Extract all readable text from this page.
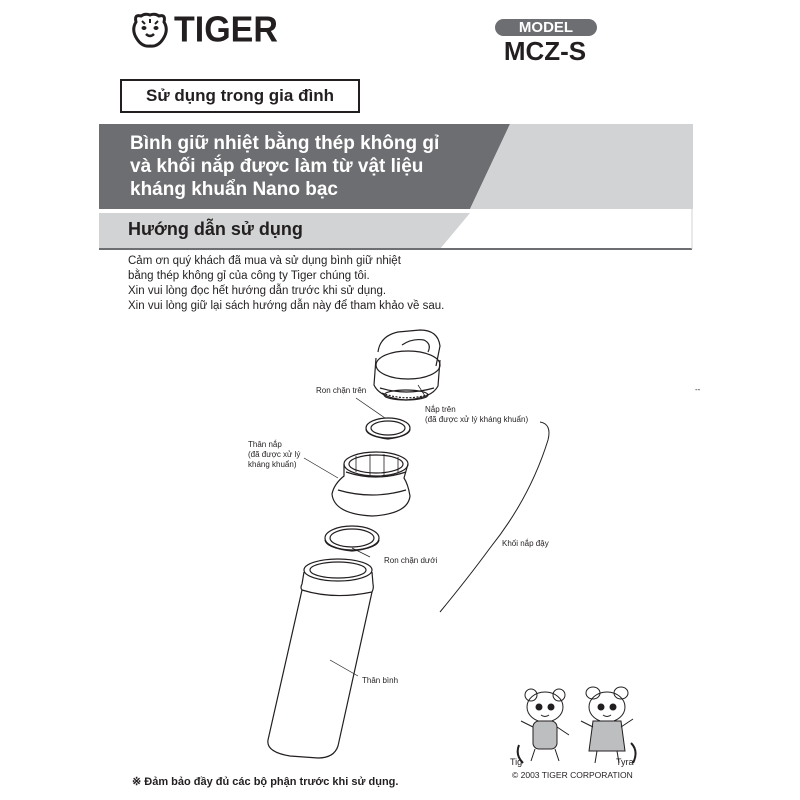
TIGER	MODEL
MCZ-S
Sử dụng trong gia đình
Bình giữ nhiệt bằng thép không gỉ
và khối nắp được làm từ vật liệu
kháng khuẩn Nano bạc
Hướng dẫn sử dụng
Cảm ơn quý khách đã mua và sử dụng bình giữ nhiệt
bằng thép không gỉ của công ty Tiger chúng tôi.
Xin vui lòng đọc hết hướng dẫn trước khi sử dụng.
Xin vui lòng giữ lại sách hướng dẫn này để tham khảo về sau.
--
Ron chặn trên
Nắp trên
(đã được xử lý kháng khuẩn)
Thân nắp
(đã được xử lý
kháng khuẩn)
Khối nắp đậy
Ron chặn dưới
Thân bình
Tig	Tyra
© 2003 TIGER CORPORATION
※ Đảm bảo đầy đủ các bộ phận trước khi sử dụng.
